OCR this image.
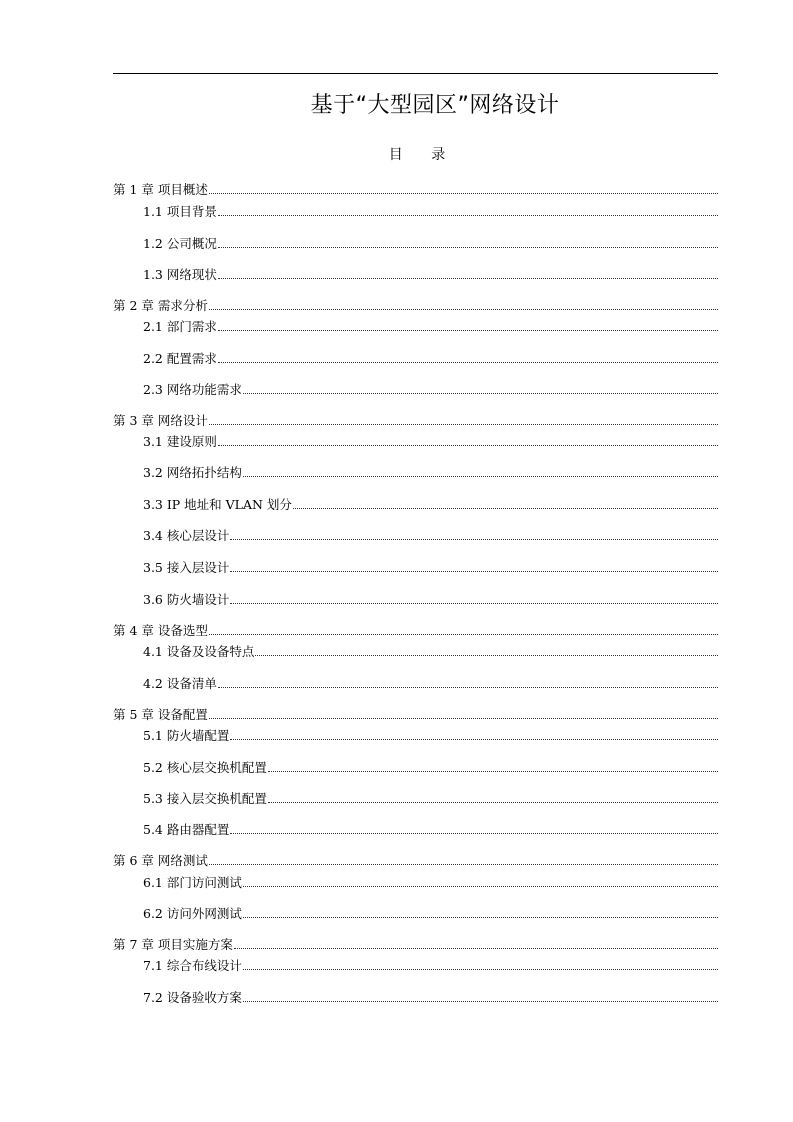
基于“大型园区”网络设计
目 录
第 1 章 项目概述
1.1 项目背景
1.2 公司概况
1.3 网络现状
第 2 章 需求分析
2.1 部门需求
2.2 配置需求
2.3 网络功能需求
第 3 章 网络设计
3.1 建设原则
3.2 网络拓扑结构
3.3 IP 地址和 VLAN 划分
3.4 核心层设计
3.5 接入层设计
3.6 防火墙设计
第 4 章 设备选型
4.1 设备及设备特点
4.2 设备清单
第 5 章 设备配置
5.1 防火墙配置
5.2 核心层交换机配置
5.3 接入层交换机配置
5.4 路由器配置
第 6 章 网络测试
6.1 部门访问测试
6.2 访问外网测试
第 7 章 项目实施方案
7.1 综合布线设计
7.2 设备验收方案
